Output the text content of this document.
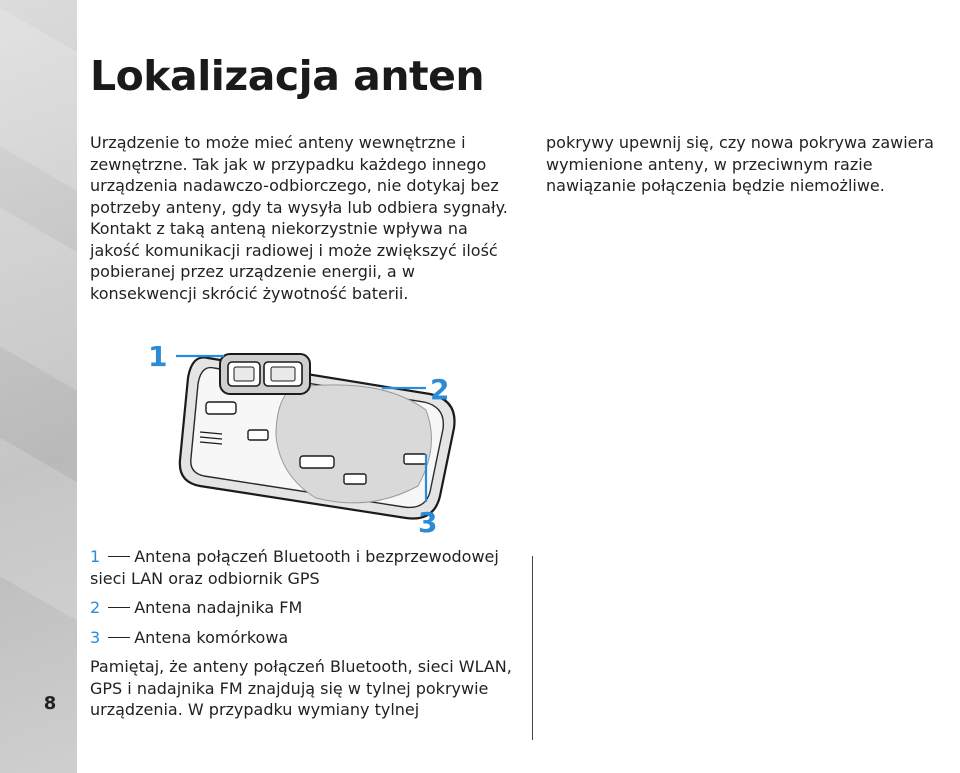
8
Lokalizacja anten

Urządzenie to może mieć anteny wewnętrzne i zewnętrzne. Tak jak w przypadku każdego innego urządzenia nadawczo-odbiorczego, nie dotykaj bez potrzeby anteny, gdy ta wysyła lub odbiera sygnały. Kontakt z taką anteną niekorzystnie wpływa na jakość komunikacji radiowej i może zwiększyć ilość pobieranej przez urządzenie energii, a w konsekwencji skrócić żywotność baterii.

pokrywy upewnij się, czy nowa pokrywa zawiera

wymienione anteny, w przeciwnym razie

nawiązanie połączenia będzie niemożliwe.

1
2
3

1 Antena połączeń Bluetooth i bezprzewodowej sieci LAN oraz odbiornik GPS

2 Antena nadajnika FM

3 Antena komórkowa

Pamiętaj, że anteny połączeń Bluetooth, sieci WLAN, GPS i nadajnika FM znajdują się w tylnej pokrywie urządzenia. W przypadku wymiany tylnej
